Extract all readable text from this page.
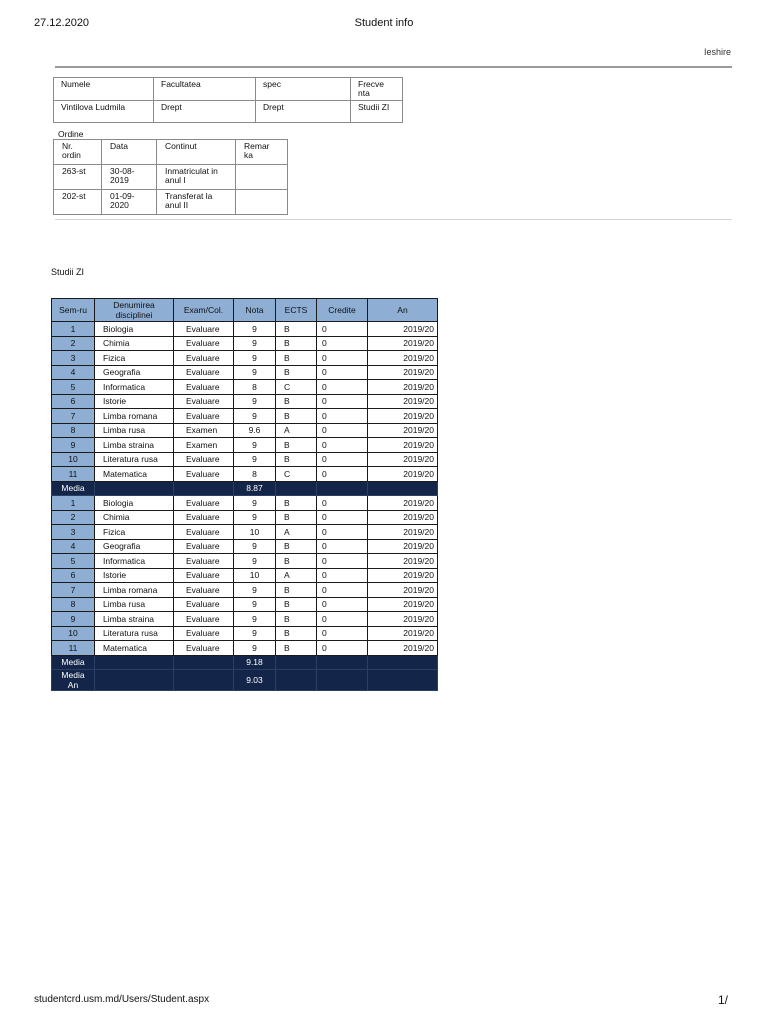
27.12.2020	Student info
Ieshire
Numele	Facultatea	spec	Frecve nta
Vintilova Ludmila	Drept	Drept	Studii ZI
Ordine
Nr. ordin	Data	Continut	Remar ka
263-st	30-08-2019	Inmatriculat in anul I	
202-st	01-09-2020	Transferat la anul II	
Studii ZI
Sem-ru	Denumirea disciplinei	Exam/Col.	Nota	ECTS	Credite	An
1	Biologia	Evaluare	9	B	0	2019/20
2	Chimia	Evaluare	9	B	0	2019/20
3	Fizica	Evaluare	9	B	0	2019/20
4	Geografia	Evaluare	9	B	0	2019/20
5	Informatica	Evaluare	8	C	0	2019/20
6	Istorie	Evaluare	9	B	0	2019/20
7	Limba romana	Evaluare	9	B	0	2019/20
8	Limba rusa	Examen	9.6	A	0	2019/20
9	Limba straina	Examen	9	B	0	2019/20
10	Literatura rusa	Evaluare	9	B	0	2019/20
11	Matematica	Evaluare	8	C	0	2019/20
Media			8.87			
1	Biologia	Evaluare	9	B	0	2019/20
2	Chimia	Evaluare	9	B	0	2019/20
3	Fizica	Evaluare	10	A	0	2019/20
4	Geografia	Evaluare	9	B	0	2019/20
5	Informatica	Evaluare	9	B	0	2019/20
6	Istorie	Evaluare	10	A	0	2019/20
7	Limba romana	Evaluare	9	B	0	2019/20
8	Limba rusa	Evaluare	9	B	0	2019/20
9	Limba straina	Evaluare	9	B	0	2019/20
10	Literatura rusa	Evaluare	9	B	0	2019/20
11	Matematica	Evaluare	9	B	0	2019/20
Media			9.18			
Media An			9.03			
studentcrd.usm.md/Users/Student.aspx	1/
